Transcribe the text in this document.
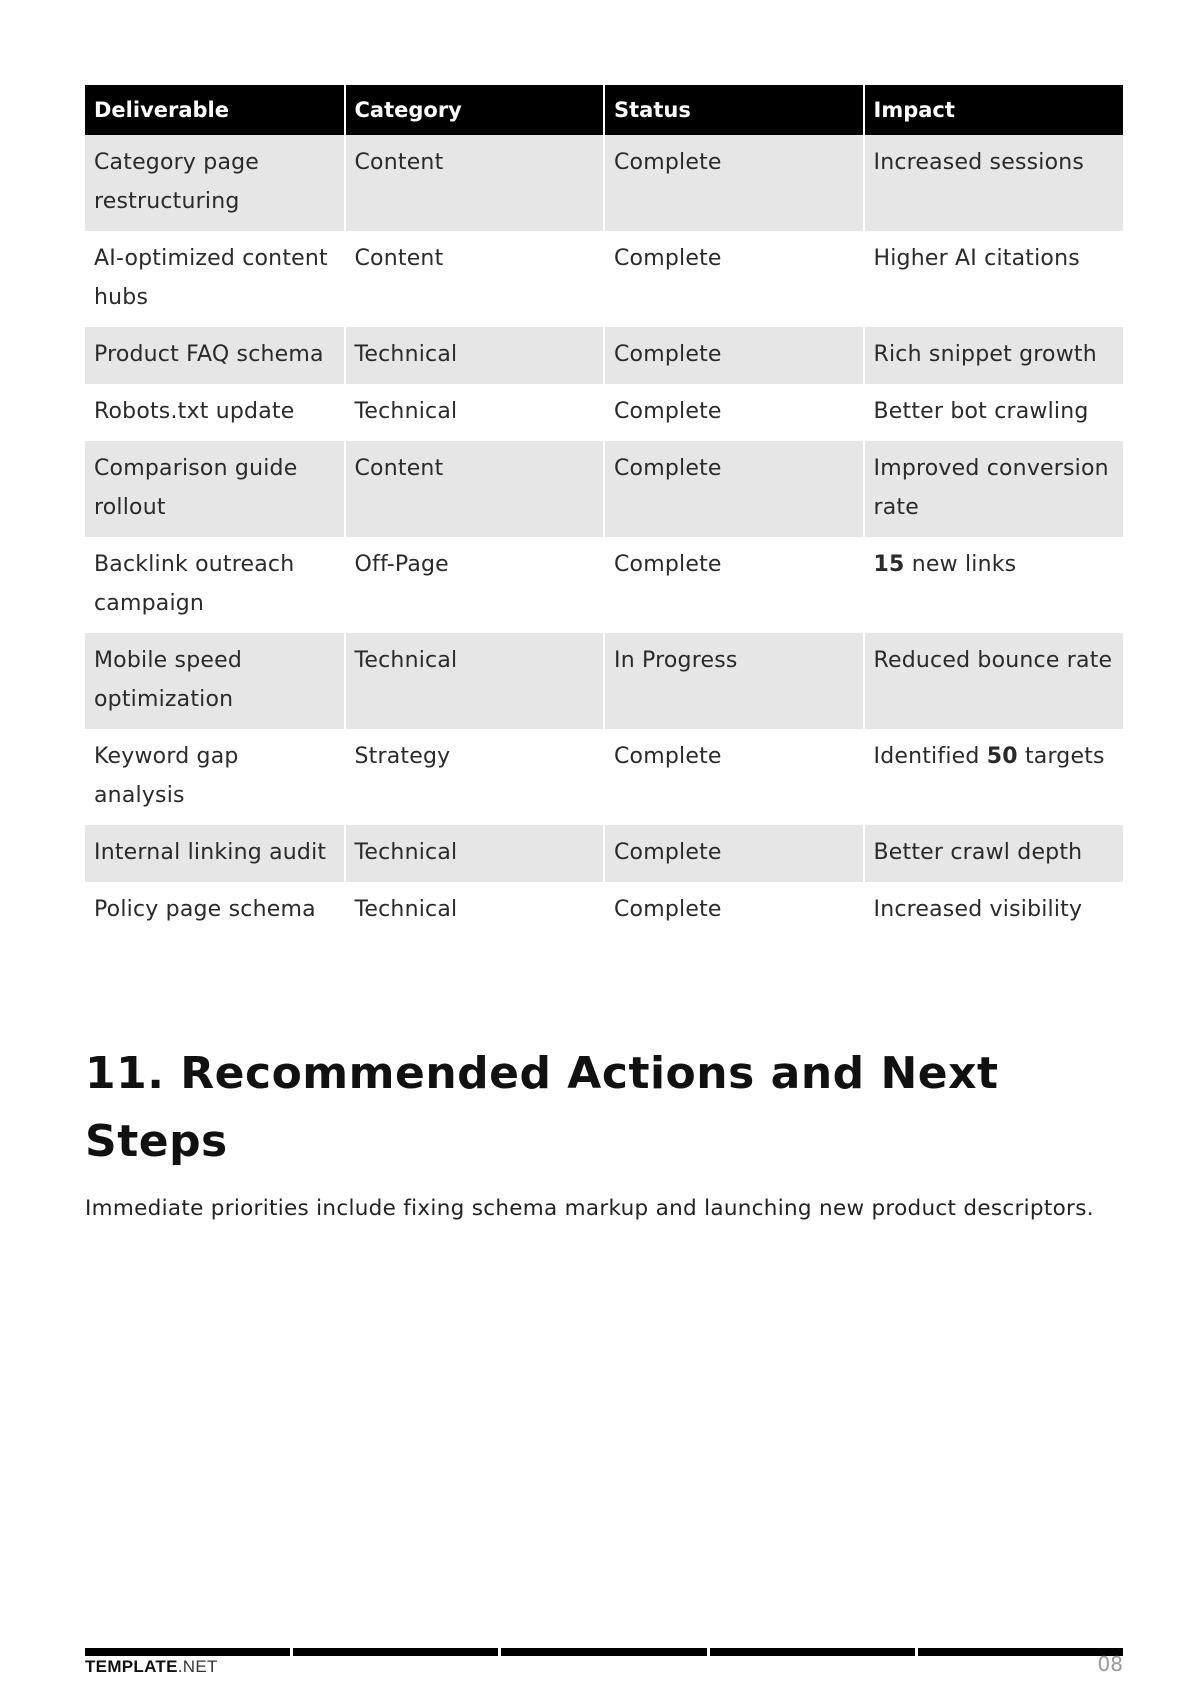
Deliverable	Category	Status	Impact
Category page restructuring	Content	Complete	Increased sessions
AI-optimized content hubs	Content	Complete	Higher AI citations
Product FAQ schema	Technical	Complete	Rich snippet growth
Robots.txt update	Technical	Complete	Better bot crawling
Comparison guide rollout	Content	Complete	Improved conversion rate
Backlink outreach campaign	Off-Page	Complete	15 new links
Mobile speed optimization	Technical	In Progress	Reduced bounce rate
Keyword gap analysis	Strategy	Complete	Identified 50 targets
Internal linking audit	Technical	Complete	Better crawl depth
Policy page schema	Technical	Complete	Increased visibility
11. Recommended Actions and Next Steps

Immediate priorities include fixing schema markup and launching new product descriptors.

TEMPLATE.NET	08
